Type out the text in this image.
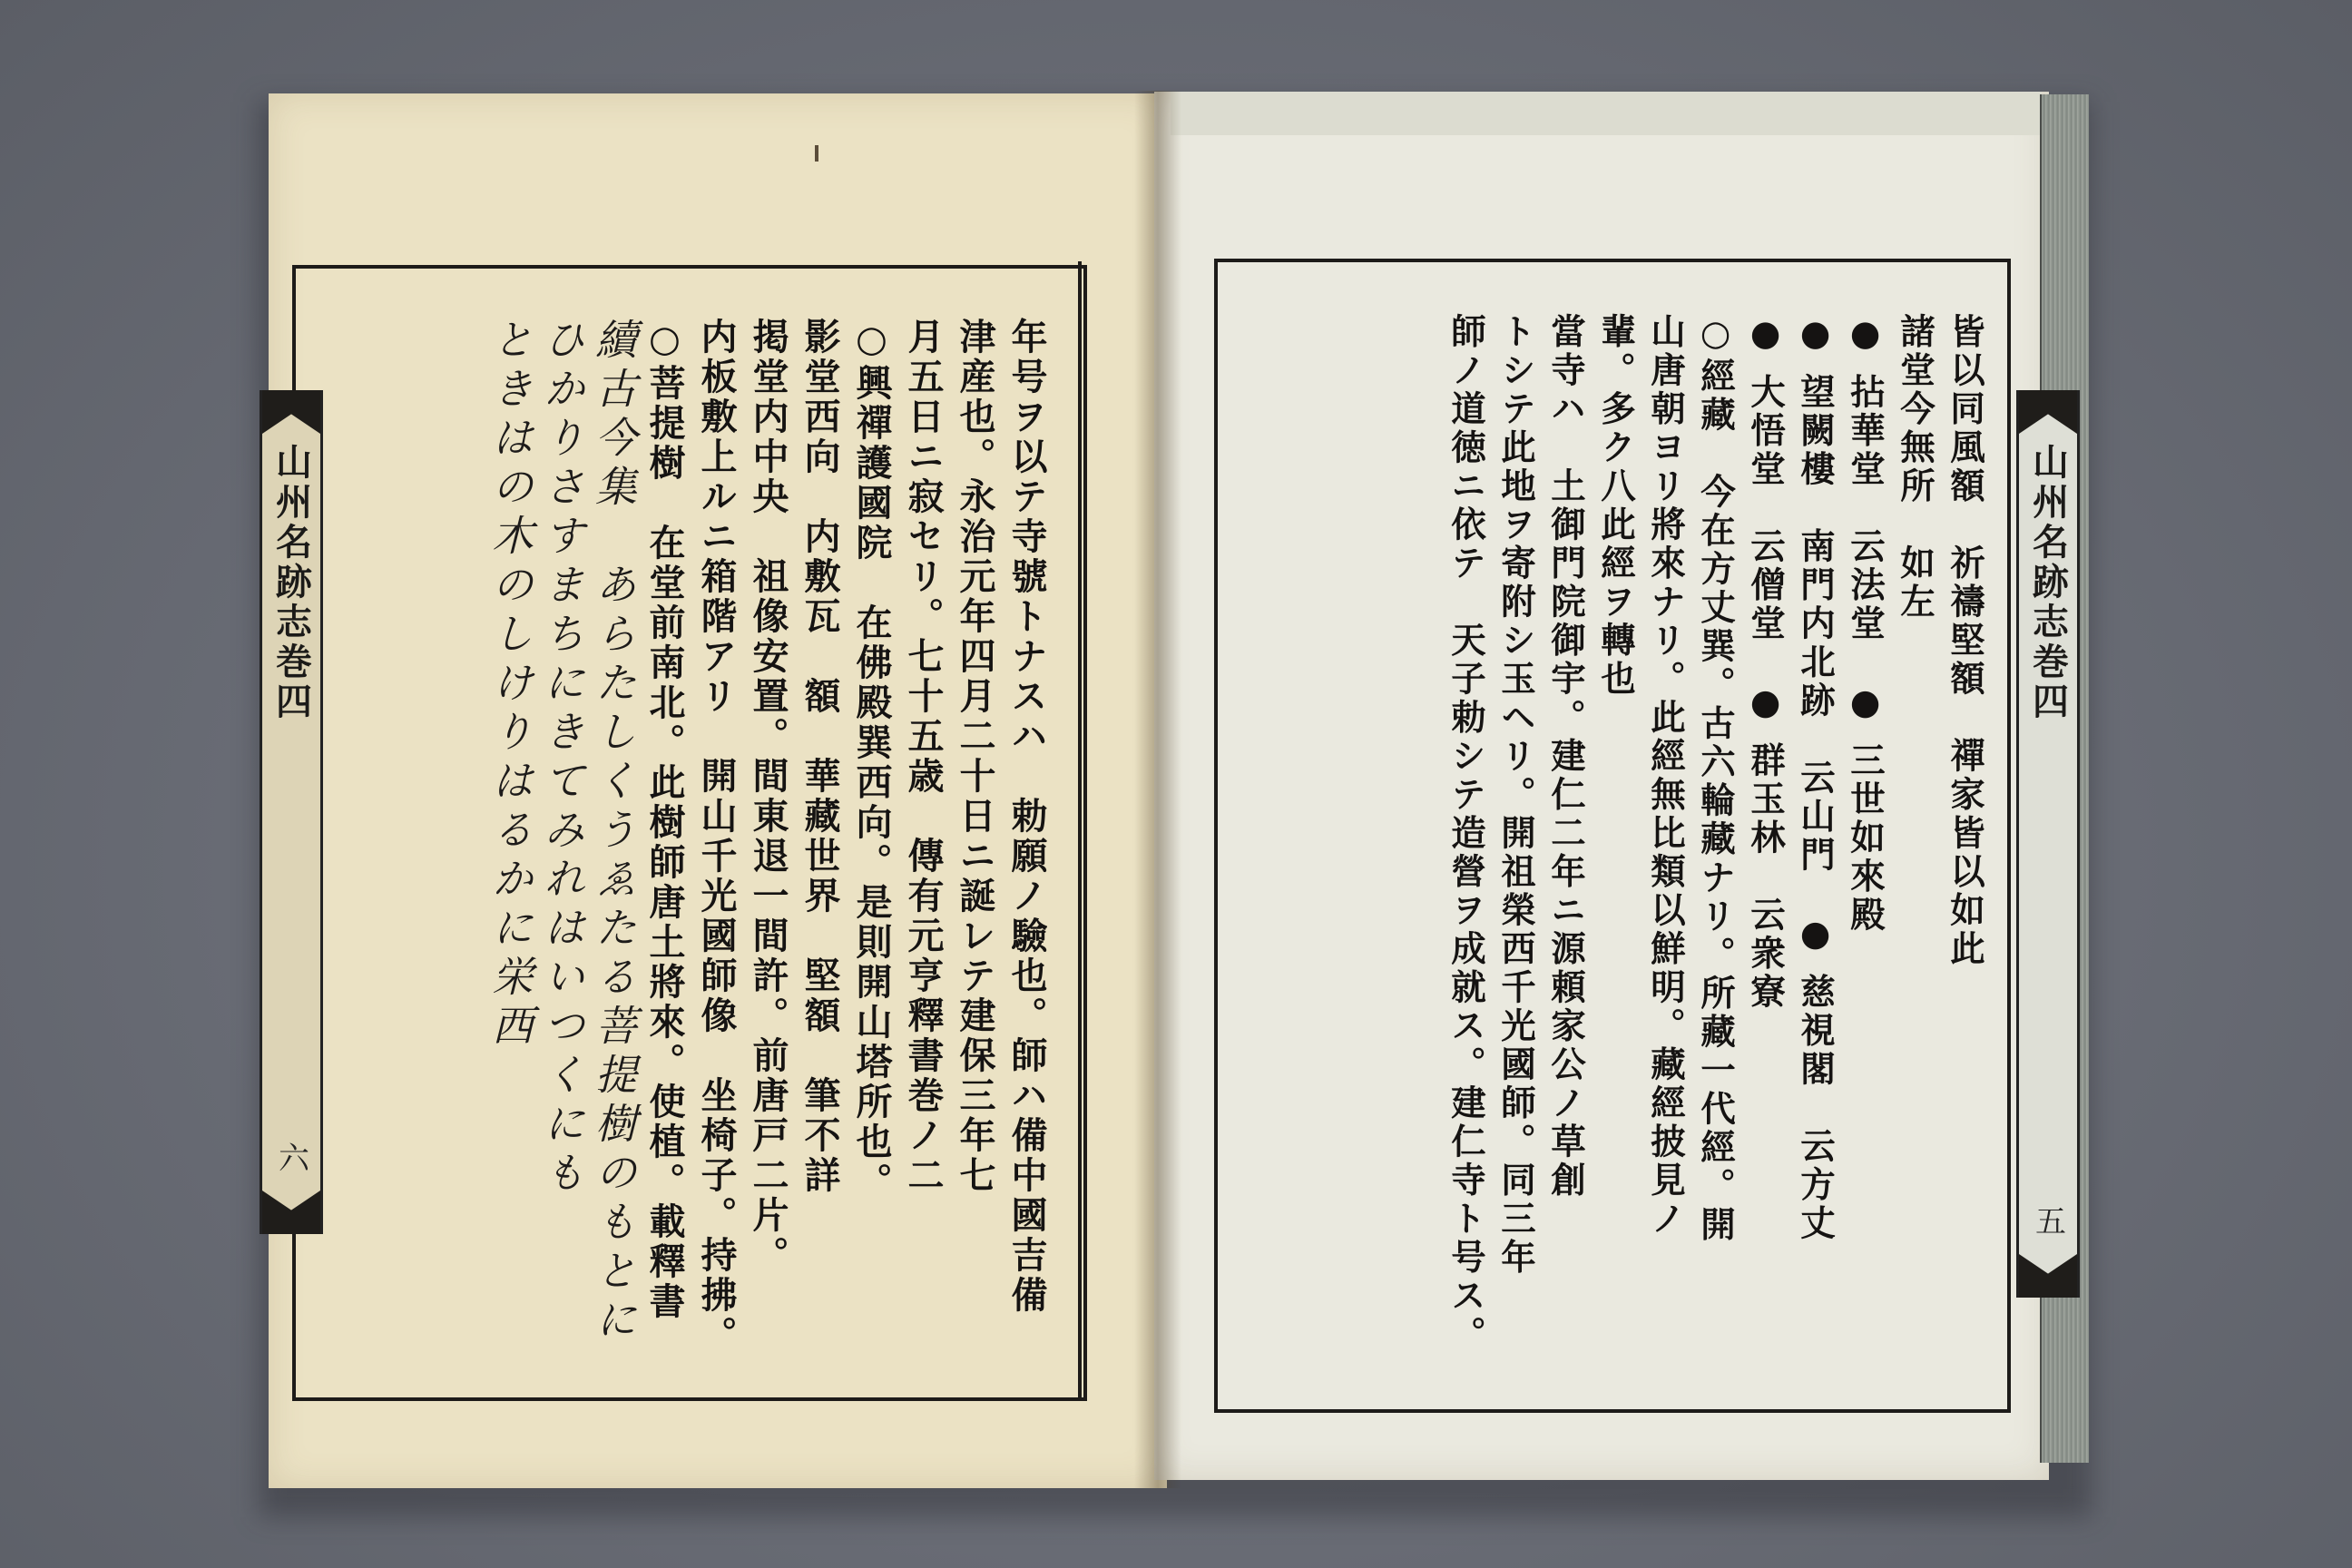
山州名跡志巻四
六	年号ヲ以テ寺號トナスハ　勅願ノ驗也。師ハ備中國吉備
津産也。永治元年四月二十日ニ誕レテ建保三年七
月五日ニ寂セリ。七十五歳　傳有元亨釋書巻ノ二
○興禪護國院　在佛殿巽西向。是則開山塔所也。
影堂西向　内敷瓦　額　華藏世界　堅額　筆不詳
掲堂内中央　祖像安置。間東退一間許。前唐戸二片。
内板敷上ルニ箱階アリ　開山千光國師像　坐椅子。持拂。
○菩提樹　在堂前南北。此樹師唐土將來。使植。載釋書
續古今集　あらたしくうゑたる菩提樹のもとに
ひかりさすまちにきてみれはいつくにも
ときはの木のしけりはるかに栄西	山州名跡志巻四
五
皆以同風額　祈禱堅額　禪家皆以如此
諸堂今無所　如左
● 拈華堂　云法堂　● 三世如來殿
● 望闕樓　南門内北跡　云山門　● 慈視閣　云方丈
● 大悟堂　云僧堂　● 群玉林　云衆寮
○經藏　今在方丈巽。古六輪藏ナリ。所藏一代經。開
山唐朝ヨリ將來ナリ。此經無比類以鮮明。藏經披見ノ
輩。多ク八此經ヲ轉也
當寺ハ　土御門院御宇。建仁二年ニ源頼家公ノ草創
トシテ此地ヲ寄附シ玉ヘリ。開祖榮西千光國師。同三年
師ノ道徳ニ依テ　天子勅シテ造營ヲ成就ス。建仁寺ト号ス。
